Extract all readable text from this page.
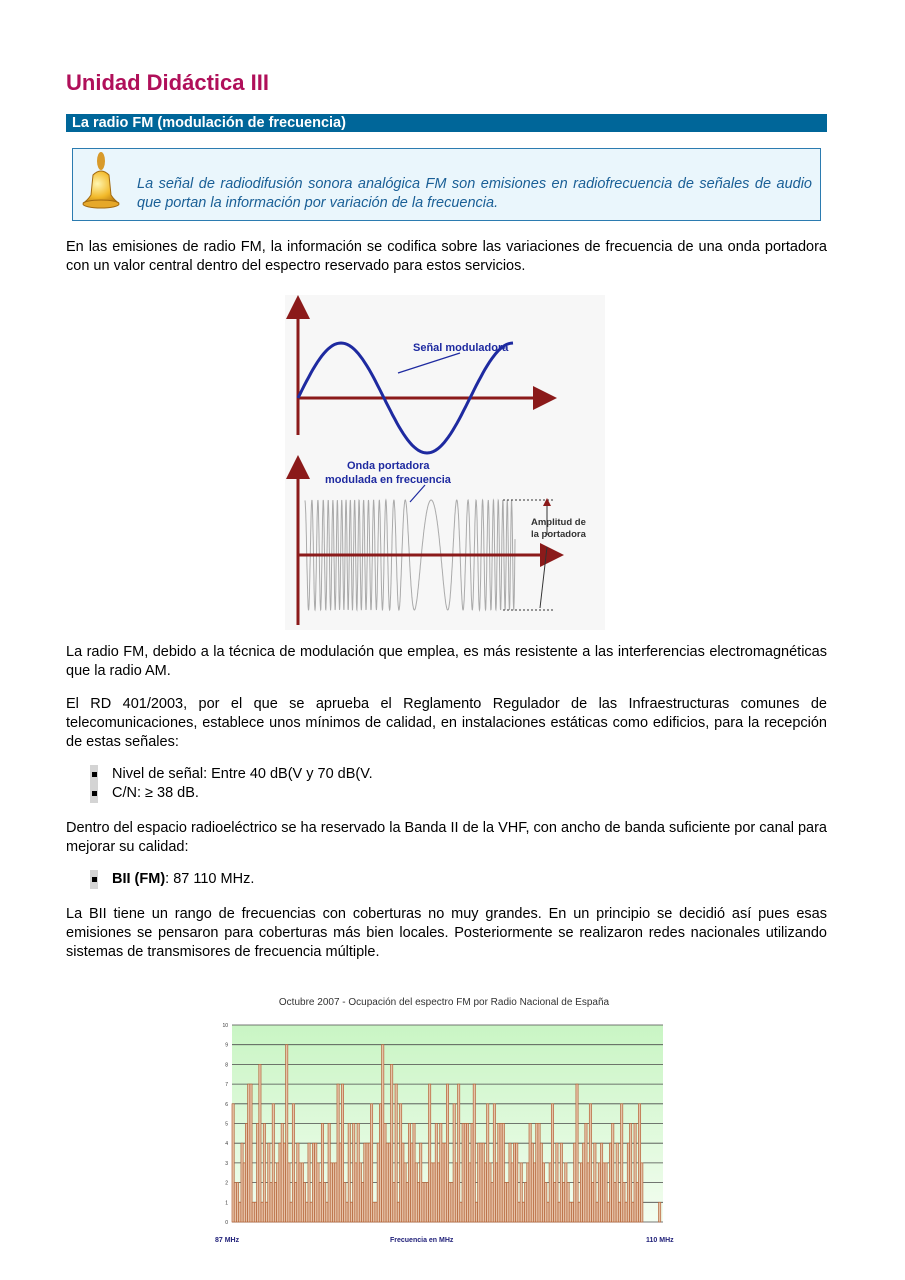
Unidad Didáctica III
La radio FM (modulación de frecuencia)

La señal de radiodifusión sonora analógica FM son emisiones en radiofrecuencia de señales de audio que portan la información por variación de la frecuencia.

En las emisiones de radio FM, la información se codifica sobre las variaciones de frecuencia de una onda portadora con un valor central dentro del espectro reservado para estos servicios.

Señal moduladora
Onda portadora
modulada en frecuencia
Amplitud de
la portadora

La radio FM, debido a la técnica de modulación que emplea, es más resistente a las interferencias electromagnéticas que la radio AM.

El RD 401/2003, por el que se aprueba el Reglamento Regulador de las Infraestructuras comunes de telecomunicaciones, establece unos mínimos de calidad, en instalaciones estáticas como edificios, para la recepción de estas señales:

Nivel de señal: Entre 40 dB(V y 70 dB(V.
C/N: ≥ 38 dB.

Dentro del espacio radioeléctrico se ha reservado la Banda II de la VHF, con ancho de banda suficiente por canal para mejorar su calidad:

BII (FM): 87 110 MHz.

La BII tiene un rango de frecuencias con coberturas no muy grandes. En un principio se decidió así pues esas emisiones se pensaron para coberturas más bien locales. Posteriormente se realizaron redes nacionales utilizando sistemas de transmisores de frecuencia múltiple.

Octubre 2007 - Ocupación del espectro FM por Radio Nacional de España
0
1
2
3
4
5
6
7
8
9
10
87 MHz	Frecuencia en MHz	110 MHz
